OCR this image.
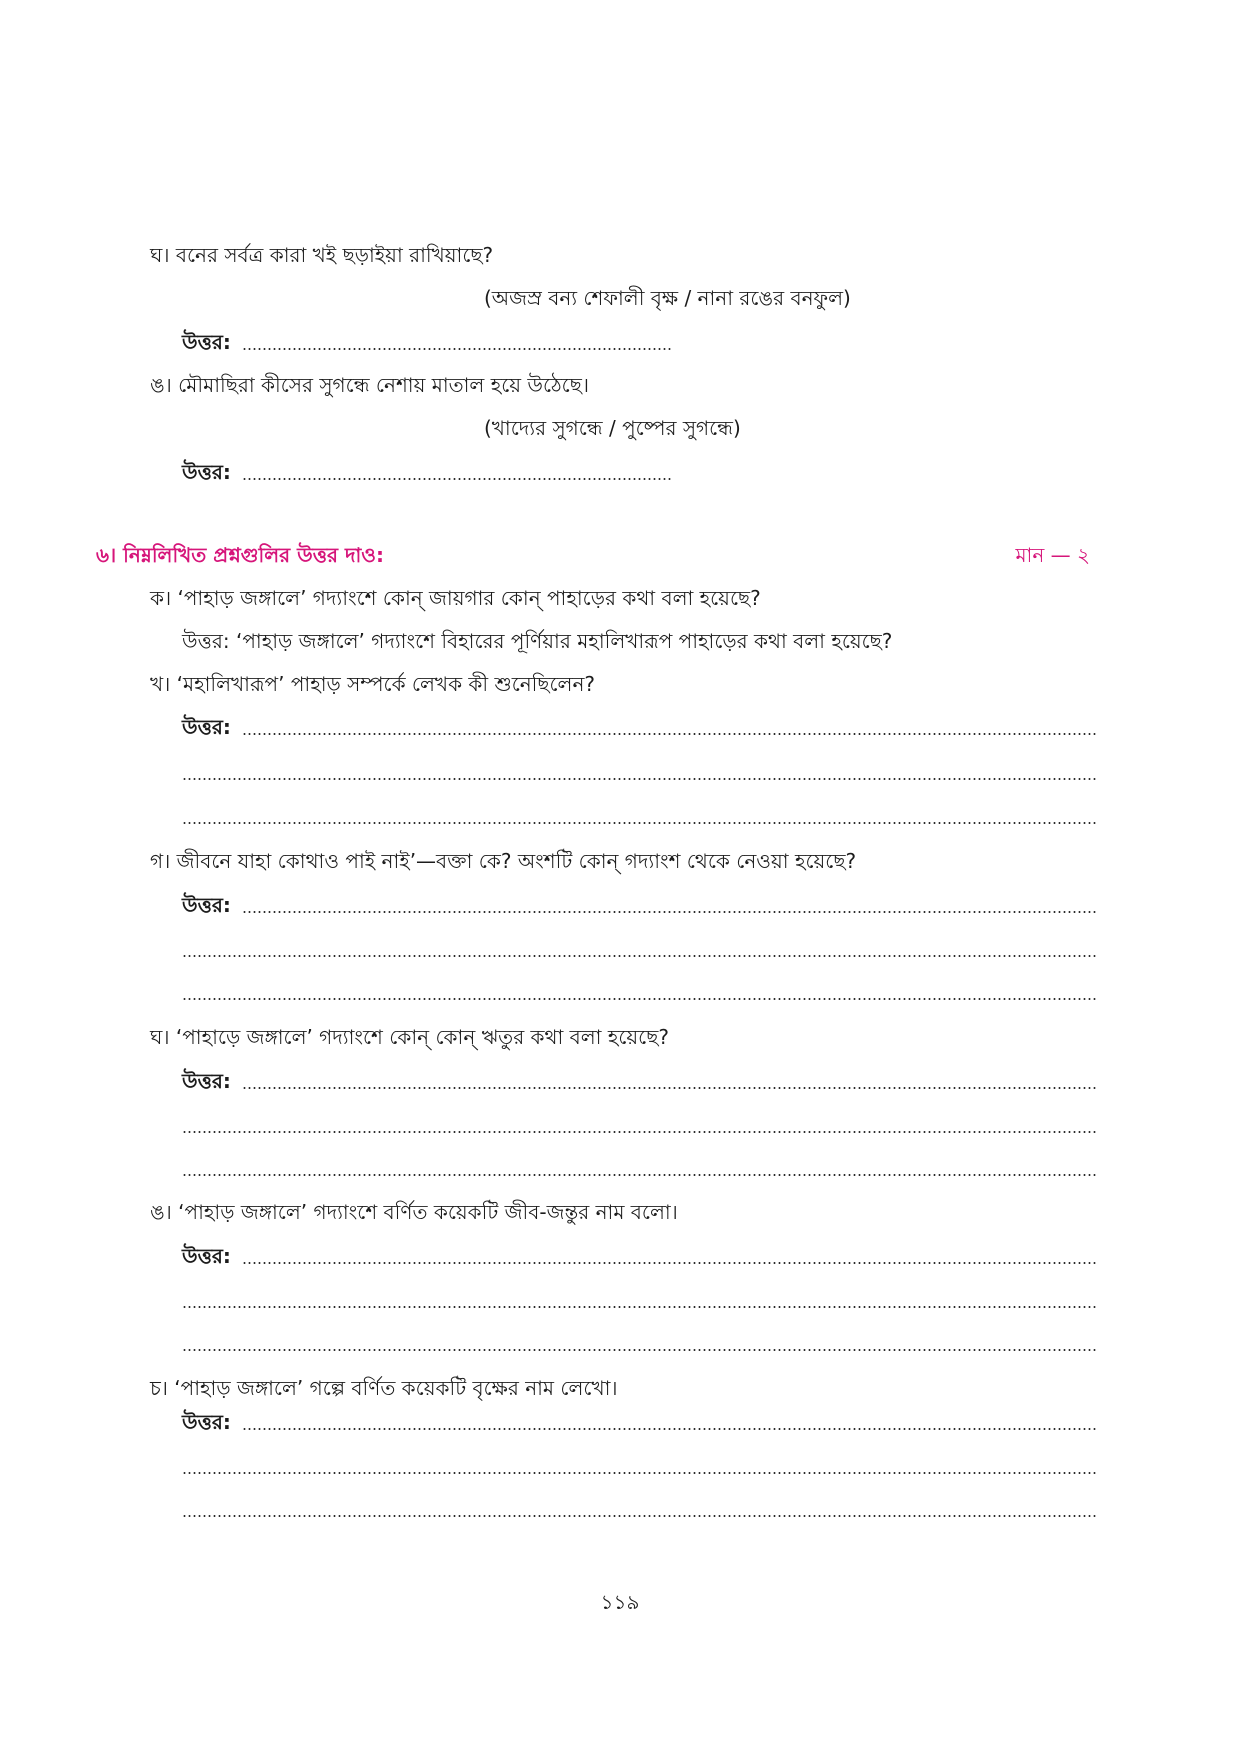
ঘ। বনের সর্বত্র কারা খই ছড়াইয়া রাখিয়াছে?
(অজস্র বন্য শেফালী বৃক্ষ / নানা রঙের বনফুল)
উত্তর:
ঙ। মৌমাছিরা কীসের সুগন্ধে নেশায় মাতাল হয়ে উঠেছে।
(খাদ্যের সুগন্ধে / পুষ্পের সুগন্ধে)
উত্তর:
৬। নিম্নলিখিত প্রশ্নগুলির উত্তর দাও:	মান — ২
ক। ‘পাহাড় জঙ্গালে’ গদ্যাংশে কোন্ জায়গার কোন্ পাহাড়ের কথা বলা হয়েছে?
উত্তর: ‘পাহাড় জঙ্গালে’ গদ্যাংশে বিহারের পূর্ণিয়ার মহালিখারূপ পাহাড়ের কথা বলা হয়েছে?
খ। ‘মহালিখারূপ’ পাহাড় সম্পর্কে লেখক কী শুনেছিলেন?
উত্তর:
গ। জীবনে যাহা কোথাও পাই নাই’—বক্তা কে? অংশটি কোন্ গদ্যাংশ থেকে নেওয়া হয়েছে?
উত্তর:
ঘ। ‘পাহাড়ে জঙ্গালে’ গদ্যাংশে কোন্ কোন্ ঋতুর কথা বলা হয়েছে?
উত্তর:
ঙ। ‘পাহাড় জঙ্গালে’ গদ্যাংশে বর্ণিত কয়েকটি জীব-জন্তুর নাম বলো।
উত্তর:
চ। ‘পাহাড় জঙ্গালে’ গল্পে বর্ণিত কয়েকটি বৃক্ষের নাম লেখো।
উত্তর:
১১৯
